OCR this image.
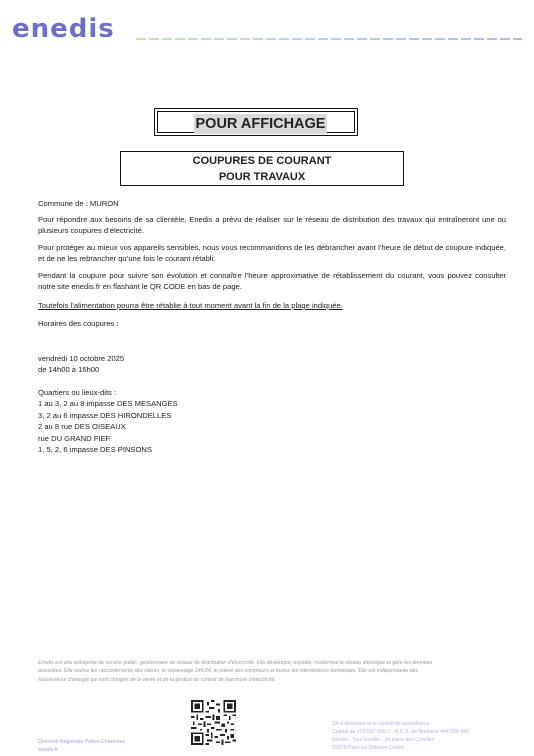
enedis
POUR AFFICHAGE
COUPURES DE COURANT
POUR TRAVAUX
Commune de : MURON

Pour répondre aux besoins de sa clientèle, Enedis a prévu de réaliser sur le réseau de distribution des travaux qui entraîneront une ou plusieurs coupures d’électricité.

Pour protéger au mieux vos appareils sensibles, nous vous recommandons de les débrancher avant l’heure de début de coupure indiquée, et de ne les rebrancher qu’une fois le courant rétabli.

Pendant la coupure pour suivre son évolution et connaître l’heure approximative de rétablissement du courant, vous pouvez consulter notre site enedis.fr en flashant le QR CODE en bas de page.

Toutefois l’alimentation pourra être rétablie à tout moment avant la fin de la plage indiquée.
Horaires des coupures :
vendredi 10 octobre 2025
de 14h00 à 16h00
Quartiers ou lieux-dits :
1 au 3, 2 au 8 impasse DES MESANGES
3, 2 au 6 impasse DES HIRONDELLES
2 au 8 rue DES OISEAUX
rue DU GRAND FIEF
1, 5, 2, 6 impasse DES PINSONS
Enedis est une entreprise de service public, gestionnaire du réseau de distribution d’électricité. Elle développe, exploite, modernise le réseau électrique et gère les données
associées. Elle réalise les raccordements des clients, le dépannage 24h/24, le relevé des compteurs et toutes les interventions techniques. Elle est indépendante des
fournisseurs d’énergie qui sont chargés de la vente et de la gestion du contrat de fourniture d’électricité.
Direction Régionale Poitou-Charentes
enedis.fr
SA à directoire et à conseil de surveillance
Capital de 270 037 000 € - R.C.S. de Nanterre 444 608 442
Enedis - Tour Enedis - 34 place des Corolles
92079 Paris La Défense Cedex
